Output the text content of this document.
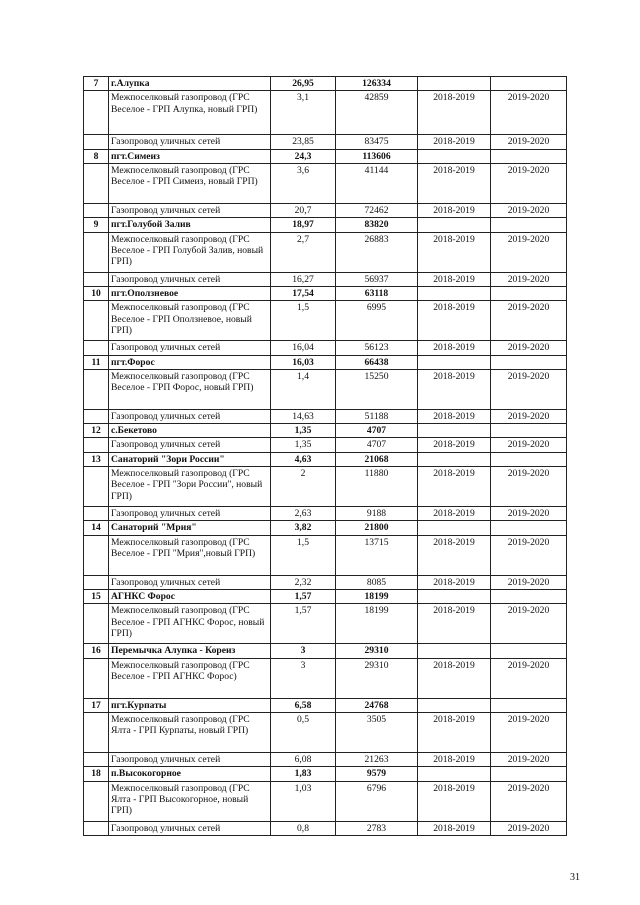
7	г.Алупка	26,95	126334		
	Межпоселковый газопровод (ГРС Веселое - ГРП Алупка, новый ГРП)	3,1	42859	2018-2019	2019-2020
	Газопровод уличных сетей	23,85	83475	2018-2019	2019-2020
8	пгт.Симеиз	24,3	113606		
	Межпоселковый газопровод (ГРС Веселое - ГРП Симеиз, новый ГРП)	3,6	41144	2018-2019	2019-2020
	Газопровод уличных сетей	20,7	72462	2018-2019	2019-2020
9	пгт.Голубой Залив	18,97	83820		
	Межпоселковый газопровод (ГРС Веселое - ГРП Голубой Залив, новый ГРП)	2,7	26883	2018-2019	2019-2020
	Газопровод уличных сетей	16,27	56937	2018-2019	2019-2020
10	пгт.Оползневое	17,54	63118		
	Межпоселковый газопровод (ГРС Веселое - ГРП Оползневое, новый ГРП)	1,5	6995	2018-2019	2019-2020
	Газопровод уличных сетей	16,04	56123	2018-2019	2019-2020
11	пгт.Форос	16,03	66438		
	Межпоселковый газопровод (ГРС Веселое - ГРП Форос, новый ГРП)	1,4	15250	2018-2019	2019-2020
	Газопровод уличных сетей	14,63	51188	2018-2019	2019-2020
12	с.Бекетово	1,35	4707		
	Газопровод уличных сетей	1,35	4707	2018-2019	2019-2020
13	Санаторий "Зори России"	4,63	21068		
	Межпоселковый газопровод (ГРС Веселое - ГРП "Зори России", новый ГРП)	2	11880	2018-2019	2019-2020
	Газопровод уличных сетей	2,63	9188	2018-2019	2019-2020
14	Санаторий "Мрия"	3,82	21800		
	Межпоселковый газопровод (ГРС Веселое - ГРП "Мрия",новый ГРП)	1,5	13715	2018-2019	2019-2020
	Газопровод уличных сетей	2,32	8085	2018-2019	2019-2020
15	АГНКС Форос	1,57	18199		
	Межпоселковый газопровод (ГРС Веселое - ГРП АГНКС Форос, новый ГРП)	1,57	18199	2018-2019	2019-2020
16	Перемычка Алупка - Кореиз	3	29310		
	Межпоселковый газопровод (ГРС Веселое - ГРП АГНКС Форос)	3	29310	2018-2019	2019-2020
17	пгт.Курпаты	6,58	24768		
	Межпоселковый газопровод (ГРС Ялта - ГРП Курпаты, новый ГРП)	0,5	3505	2018-2019	2019-2020
	Газопровод уличных сетей	6,08	21263	2018-2019	2019-2020
18	п.Высокогорное	1,83	9579		
	Межпоселковый газопровод (ГРС Ялта - ГРП Высокогорное, новый ГРП)	1,03	6796	2018-2019	2019-2020
	Газопровод уличных сетей	0,8	2783	2018-2019	2019-2020
31
